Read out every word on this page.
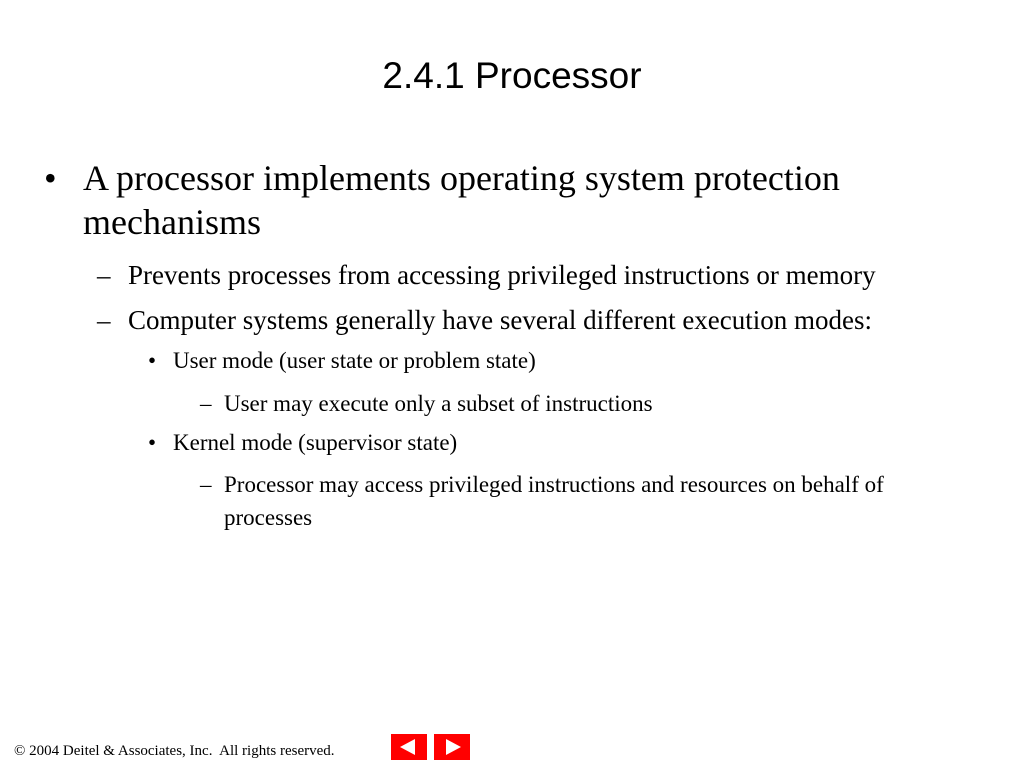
2.4.1 Processor
• A processor implements operating system protection mechanisms
– Prevents processes from accessing privileged instructions or memory
– Computer systems generally have several different execution modes:
• User mode (user state or problem state)
– User may execute only a subset of instructions
• Kernel mode (supervisor state)
– Processor may access privileged instructions and resources on behalf of processes
© 2004 Deitel & Associates, Inc.  All rights reserved.
